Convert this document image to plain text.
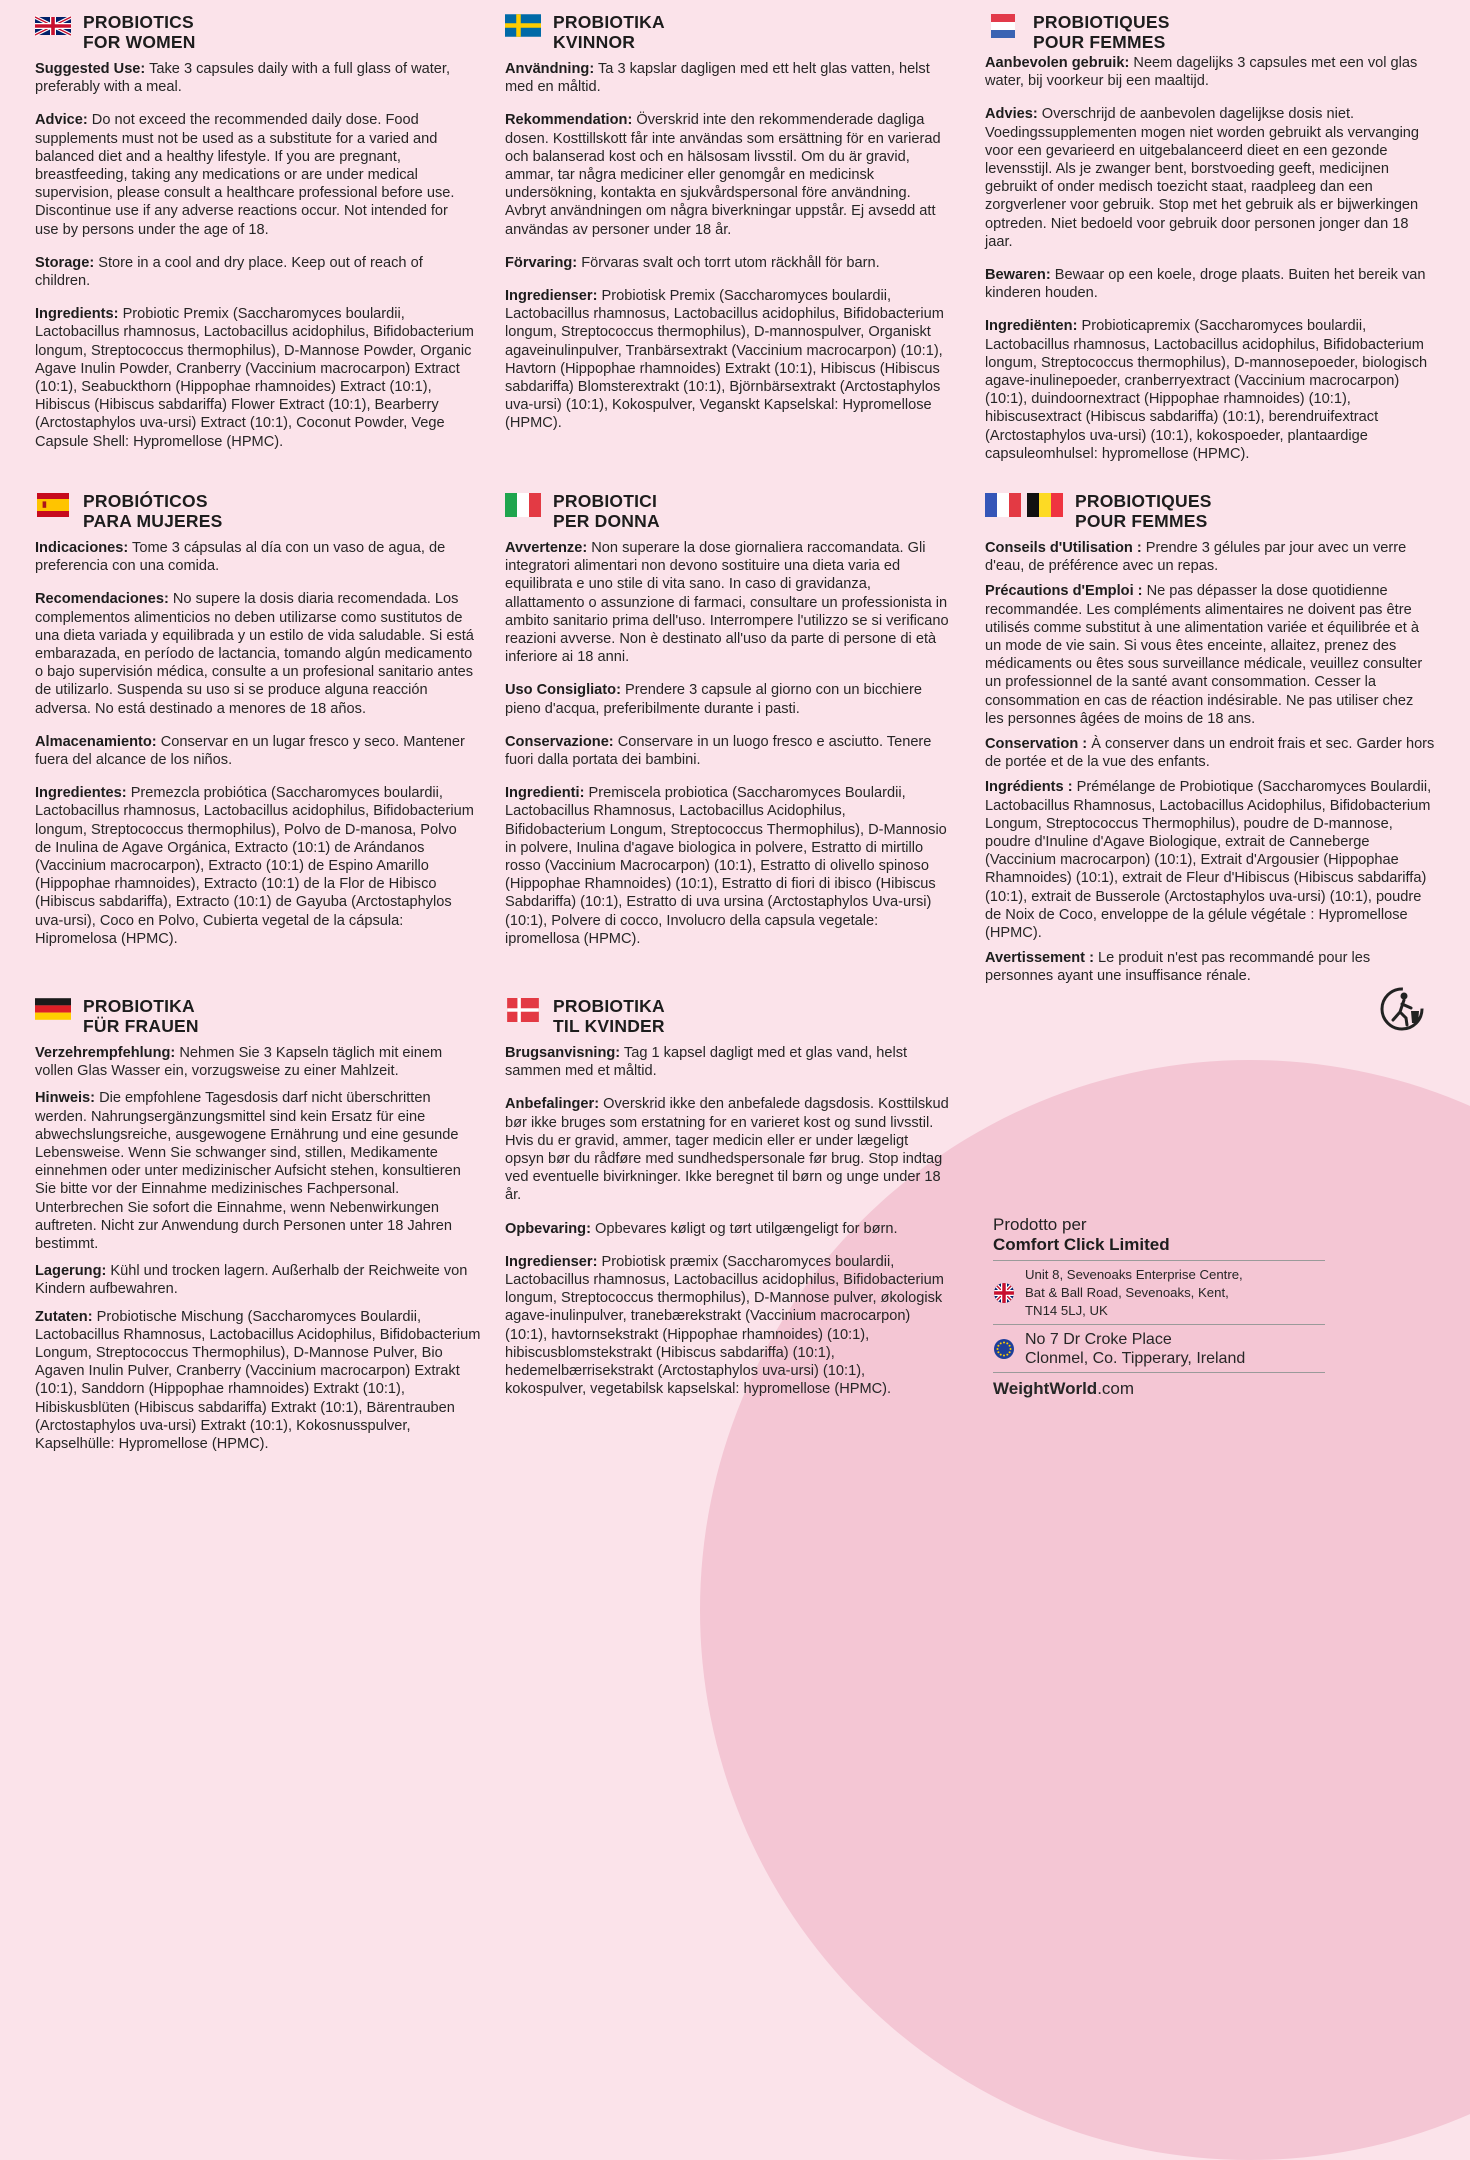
PROBIOTICS
FOR WOMEN

Suggested Use: Take 3 capsules daily with a full glass of water, preferably with a meal.

Advice: Do not exceed the recommended daily dose. Food supplements must not be used as a substitute for a varied and balanced diet and a healthy lifestyle. If you are pregnant, breastfeeding, taking any medications or are under medical supervision, please consult a healthcare professional before use. Discontinue use if any adverse reactions occur. Not intended for use by persons under the age of 18.

Storage: Store in a cool and dry place. Keep out of reach of children.

Ingredients: Probiotic Premix (Saccharomyces boulardii, Lactobacillus rhamnosus, Lactobacillus acidophilus, Bifidobacterium longum, Streptococcus thermophilus), D-Mannose Powder, Organic Agave Inulin Powder, Cranberry (Vaccinium macrocarpon) Extract (10:1), Seabuckthorn (Hippophae rhamnoides) Extract (10:1), Hibiscus (Hibiscus sabdariffa) Flower Extract (10:1), Bearberry (Arctostaphylos uva-ursi) Extract (10:1), Coconut Powder, Vege Capsule Shell: Hypromellose (HPMC).

PROBIOTIKA
KVINNOR

Användning: Ta 3 kapslar dagligen med ett helt glas vatten, helst med en måltid.

Rekommendation: Överskrid inte den rekommenderade dagliga dosen. Kosttillskott får inte användas som ersättning för en varierad och balanserad kost och en hälsosam livsstil. Om du är gravid, ammar, tar några mediciner eller genomgår en medicinsk undersökning, kontakta en sjukvårdspersonal före användning. Avbryt användningen om några biverkningar uppstår. Ej avsedd att användas av personer under 18 år.

Förvaring: Förvaras svalt och torrt utom räckhåll för barn.

Ingredienser: Probiotisk Premix (Saccharomyces boulardii, Lactobacillus rhamnosus, Lactobacillus acidophilus, Bifidobacterium longum, Streptococcus thermophilus), D-mannospulver, Organiskt agaveinulinpulver, Tranbärsextrakt (Vaccinium macrocarpon) (10:1), Havtorn (Hippophae rhamnoides) Extrakt (10:1), Hibiscus (Hibiscus sabdariffa) Blomsterextrakt (10:1), Björnbärsextrakt (Arctostaphylos uva-ursi) (10:1), Kokospulver, Veganskt Kapselskal: Hypromellose (HPMC).

PROBIOTIQUES
POUR FEMMES

Aanbevolen gebruik: Neem dagelijks 3 capsules met een vol glas water, bij voorkeur bij een maaltijd.

Advies: Overschrijd de aanbevolen dagelijkse dosis niet. Voedingssupplementen mogen niet worden gebruikt als vervanging voor een gevarieerd en uitgebalanceerd dieet en een gezonde levensstijl. Als je zwanger bent, borstvoeding geeft, medicijnen gebruikt of onder medisch toezicht staat, raadpleeg dan een zorgverlener voor gebruik. Stop met het gebruik als er bijwerkingen optreden. Niet bedoeld voor gebruik door personen jonger dan 18 jaar.

Bewaren: Bewaar op een koele, droge plaats. Buiten het bereik van kinderen houden.

Ingrediënten: Probioticapremix (Saccharomyces boulardii, Lactobacillus rhamnosus, Lactobacillus acidophilus, Bifidobacterium longum, Streptococcus thermophilus), D-mannosepoeder, biologisch agave-inulinepoeder, cranberryextract (Vaccinium macrocarpon) (10:1), duindoornextract (Hippophae rhamnoides) (10:1), hibiscusextract (Hibiscus sabdariffa) (10:1), berendruifextract (Arctostaphylos uva-ursi) (10:1), kokospoeder, plantaardige capsuleomhulsel: hypromellose (HPMC).

PROBIÓTICOS
PARA MUJERES

Indicaciones: Tome 3 cápsulas al día con un vaso de agua, de preferencia con una comida.

Recomendaciones: No supere la dosis diaria recomendada. Los complementos alimenticios no deben utilizarse como sustitutos de una dieta variada y equilibrada y un estilo de vida saludable. Si está embarazada, en período de lactancia, tomando algún medicamento o bajo supervisión médica, consulte a un profesional sanitario antes de utilizarlo. Suspenda su uso si se produce alguna reacción adversa. No está destinado a menores de 18 años.

Almacenamiento: Conservar en un lugar fresco y seco. Mantener fuera del alcance de los niños.

Ingredientes: Premezcla probiótica (Saccharomyces boulardii, Lactobacillus rhamnosus, Lactobacillus acidophilus, Bifidobacterium longum, Streptococcus thermophilus), Polvo de D-manosa, Polvo de Inulina de Agave Orgánica, Extracto (10:1) de Arándanos (Vaccinium macrocarpon), Extracto (10:1) de Espino Amarillo (Hippophae rhamnoides), Extracto (10:1) de la Flor de Hibisco (Hibiscus sabdariffa), Extracto (10:1) de Gayuba (Arctostaphylos uva-ursi), Coco en Polvo, Cubierta vegetal de la cápsula: Hipromelosa (HPMC).

PROBIOTICI
PER DONNA

Avvertenze: Non superare la dose giornaliera raccomandata. Gli integratori alimentari non devono sostituire una dieta varia ed equilibrata e uno stile di vita sano. In caso di gravidanza, allattamento o assunzione di farmaci, consultare un professionista in ambito sanitario prima dell'uso. Interrompere l'utilizzo se si verificano reazioni avverse. Non è destinato all'uso da parte di persone di età inferiore ai 18 anni.

Uso Consigliato: Prendere 3 capsule al giorno con un bicchiere pieno d'acqua, preferibilmente durante i pasti.

Conservazione: Conservare in un luogo fresco e asciutto. Tenere fuori dalla portata dei bambini.

Ingredienti: Premiscela probiotica (Saccharomyces Boulardii, Lactobacillus Rhamnosus, Lactobacillus Acidophilus, Bifidobacterium Longum, Streptococcus Thermophilus), D-Mannosio in polvere, Inulina d'agave biologica in polvere, Estratto di mirtillo rosso (Vaccinium Macrocarpon) (10:1), Estratto di olivello spinoso (Hippophae Rhamnoides) (10:1), Estratto di fiori di ibisco (Hibiscus Sabdariffa) (10:1), Estratto di uva ursina (Arctostaphylos Uva-ursi) (10:1), Polvere di cocco, Involucro della capsula vegetale: ipromellosa (HPMC).

PROBIOTIQUES
POUR FEMMES

Conseils d'Utilisation : Prendre 3 gélules par jour avec un verre d'eau, de préférence avec un repas.

Précautions d'Emploi : Ne pas dépasser la dose quotidienne recommandée. Les compléments alimentaires ne doivent pas être utilisés comme substitut à une alimentation variée et équilibrée et à un mode de vie sain. Si vous êtes enceinte, allaitez, prenez des médicaments ou êtes sous surveillance médicale, veuillez consulter un professionnel de la santé avant consommation. Cesser la consommation en cas de réaction indésirable. Ne pas utiliser chez les personnes âgées de moins de 18 ans.

Conservation : À conserver dans un endroit frais et sec. Garder hors de portée et de la vue des enfants.

Ingrédients : Prémélange de Probiotique (Saccharomyces Boulardii, Lactobacillus Rhamnosus, Lactobacillus Acidophilus, Bifidobacterium Longum, Streptococcus Thermophilus), poudre de D-mannose, poudre d'Inuline d'Agave Biologique, extrait de Canneberge (Vaccinium macrocarpon) (10:1), Extrait d'Argousier (Hippophae Rhamnoides) (10:1), extrait de Fleur d'Hibiscus (Hibiscus sabdariffa) (10:1), extrait de Busserole (Arctostaphylos uva-ursi) (10:1), poudre de Noix de Coco, enveloppe de la gélule végétale : Hypromellose (HPMC).

Avertissement : Le produit n'est pas recommandé pour les personnes ayant une insuffisance rénale.

PROBIOTIKA
FÜR FRAUEN

Verzehrempfehlung: Nehmen Sie 3 Kapseln täglich mit einem vollen Glas Wasser ein, vorzugsweise zu einer Mahlzeit.

Hinweis: Die empfohlene Tagesdosis darf nicht überschritten werden. Nahrungsergänzungsmittel sind kein Ersatz für eine abwechslungsreiche, ausgewogene Ernährung und eine gesunde Lebensweise. Wenn Sie schwanger sind, stillen, Medikamente einnehmen oder unter medizinischer Aufsicht stehen, konsultieren Sie bitte vor der Einnahme medizinisches Fachpersonal. Unterbrechen Sie sofort die Einnahme, wenn Nebenwirkungen auftreten. Nicht zur Anwendung durch Personen unter 18 Jahren bestimmt.

Lagerung: Kühl und trocken lagern. Außerhalb der Reichweite von Kindern aufbewahren.

Zutaten: Probiotische Mischung (Saccharomyces Boulardii, Lactobacillus Rhamnosus, Lactobacillus Acidophilus, Bifidobacterium Longum, Streptococcus Thermophilus), D-Mannose Pulver, Bio Agaven Inulin Pulver, Cranberry (Vaccinium macrocarpon) Extrakt (10:1), Sanddorn (Hippophae rhamnoides) Extrakt (10:1), Hibiskusblüten (Hibiscus sabdariffa) Extrakt (10:1), Bärentrauben (Arctostaphylos uva-ursi) Extrakt (10:1), Kokosnusspulver, Kapselhülle: Hypromellose (HPMC).

PROBIOTIKA
TIL KVINDER

Brugsanvisning: Tag 1 kapsel dagligt med et glas vand, helst sammen med et måltid.

Anbefalinger: Overskrid ikke den anbefalede dagsdosis. Kosttilskud bør ikke bruges som erstatning for en varieret kost og sund livsstil. Hvis du er gravid, ammer, tager medicin eller er under lægeligt opsyn bør du rådføre med sundhedspersonale før brug. Stop indtag ved eventuelle bivirkninger. Ikke beregnet til børn og unge under 18 år.

Opbevaring: Opbevares køligt og tørt utilgængeligt for børn.

Ingredienser: Probiotisk præmix (Saccharomyces boulardii, Lactobacillus rhamnosus, Lactobacillus acidophilus, Bifidobacterium longum, Streptococcus thermophilus), D-Mannose pulver, økologisk agave-inulinpulver, tranebærekstrakt (Vaccinium macrocarpon) (10:1), havtornsekstrakt (Hippophae rhamnoides) (10:1), hibiscusblomstekstrakt (Hibiscus sabdariffa) (10:1), hedemelbærrisekstrakt (Arctostaphylos uva-ursi) (10:1), kokospulver, vegetabilsk kapselskal: hypromellose (HPMC).

Prodotto per
Comfort Click Limited
Unit 8, Sevenoaks Enterprise Centre, Bat & Ball Road, Sevenoaks, Kent, TN14 5LJ, UK
No 7 Dr Croke Place
Clonmel, Co. Tipperary, Ireland
WeightWorld.com
